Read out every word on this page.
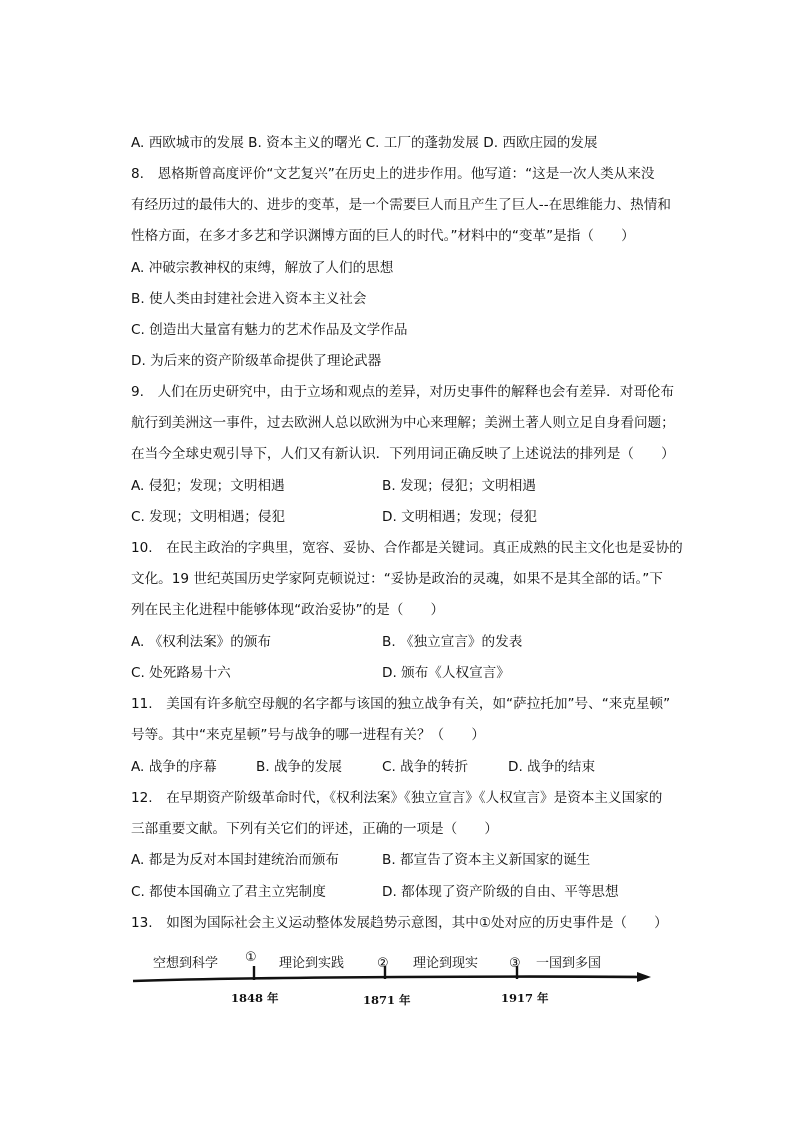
A. 西欧城市的发展 B. 资本主义的曙光 C. 工厂的蓬勃发展 D. 西欧庄园的发展
8.　恩格斯曾高度评价“文艺复兴”在历史上的进步作用。他写道：“这是一次人类从来没
有经历过的最伟大的、进步的变革，是一个需要巨人而且产生了巨人--在思维能力、热情和
性格方面，在多才多艺和学识渊博方面的巨人的时代。”材料中的“变革”是指（　　）
A. 冲破宗教神权的束缚，解放了人们的思想
B. 使人类由封建社会进入资本主义社会
C. 创造出大量富有魅力的艺术作品及文学作品
D. 为后来的资产阶级革命提供了理论武器
9.　人们在历史研究中，由于立场和观点的差异，对历史事件的解释也会有差异．对哥伦布
航行到美洲这一事件，过去欧洲人总以欧洲为中心来理解；美洲土著人则立足自身看问题；
在当今全球史观引导下，人们又有新认识．下列用词正确反映了上述说法的排列是（　　）
A. 侵犯；发现；文明相遇	B. 发现；侵犯；文明相遇
C. 发现；文明相遇；侵犯	D. 文明相遇；发现；侵犯
10.　在民主政治的字典里，宽容、妥协、合作都是关键词。真正成熟的民主文化也是妥协的
文化。19 世纪英国历史学家阿克顿说过：“妥协是政治的灵魂，如果不是其全部的话。”下
列在民主化进程中能够体现“政治妥协”的是（　　）
A. 《权利法案》的颁布	B. 《独立宣言》的发表
C. 处死路易十六	D. 颁布《人权宣言》
11.　美国有许多航空母舰的名字都与该国的独立战争有关，如“萨拉托加”号、“来克星顿”
号等。其中“来克星顿”号与战争的哪一进程有关？（　　）
A. 战争的序幕	B. 战争的发展	C. 战争的转折	D. 战争的结束
12.　在早期资产阶级革命时代，《权利法案》《独立宣言》《人权宣言》是资本主义国家的
三部重要文献。下列有关它们的评述，正确的一项是（　　）
A. 都是为反对本国封建统治而颁布	B. 都宣告了资本主义新国家的诞生
C. 都使本国确立了君主立宪制度	D. 都体现了资产阶级的自由、平等思想
13.　如图为国际社会主义运动整体发展趋势示意图，其中①处对应的历史事件是（　　）
空想到科学	理论到实践	理论到现实	一国到多国
①	②	③
1848 年	1871 年	1917 年
